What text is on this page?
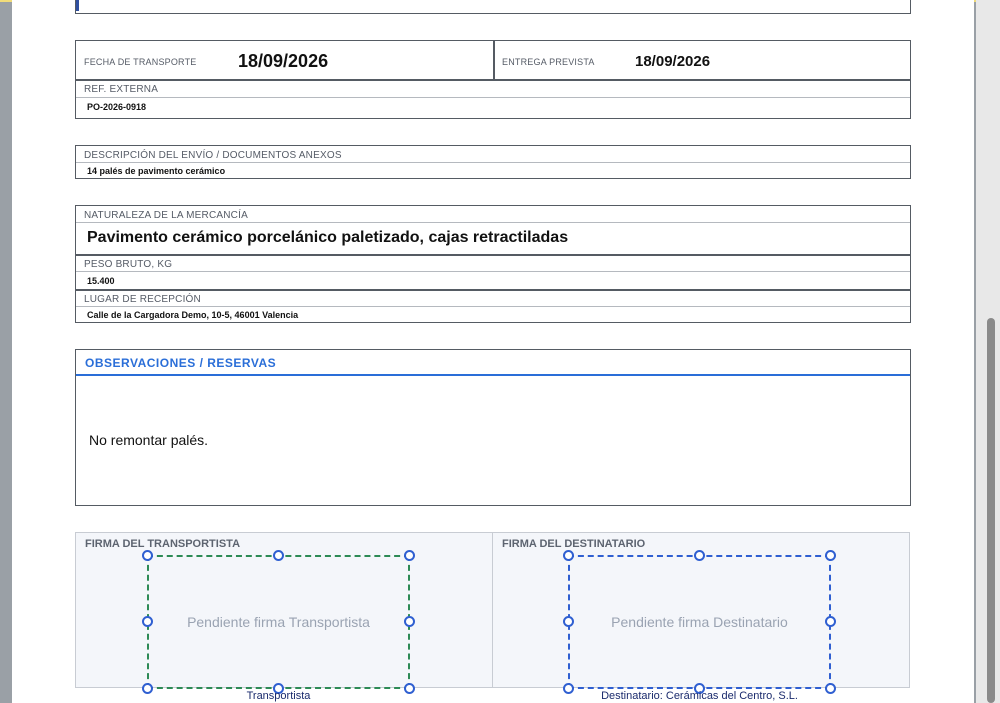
FECHA DE TRANSPORTE 18/09/2026	ENTREGA PREVISTA	18/09/2026
REF. EXTERNA
PO-2026-0918
DESCRIPCIÓN DEL ENVÍO / DOCUMENTOS ANEXOS
14 palés de pavimento cerámico
NATURALEZA DE LA MERCANCÍA
Pavimento cerámico porcelánico paletizado, cajas retractiladas
PESO BRUTO, KG
15.400
LUGAR DE RECEPCIÓN
Calle de la Cargadora Demo, 10-5, 46001 Valencia
OBSERVACIONES / RESERVAS
No remontar palés.
FIRMA DEL TRANSPORTISTA	FIRMA DEL DESTINATARIO
Pendiente firma Transportista	Pendiente firma Destinatario
Transportista	Destinatario: Cerámicas del Centro, S.L.
